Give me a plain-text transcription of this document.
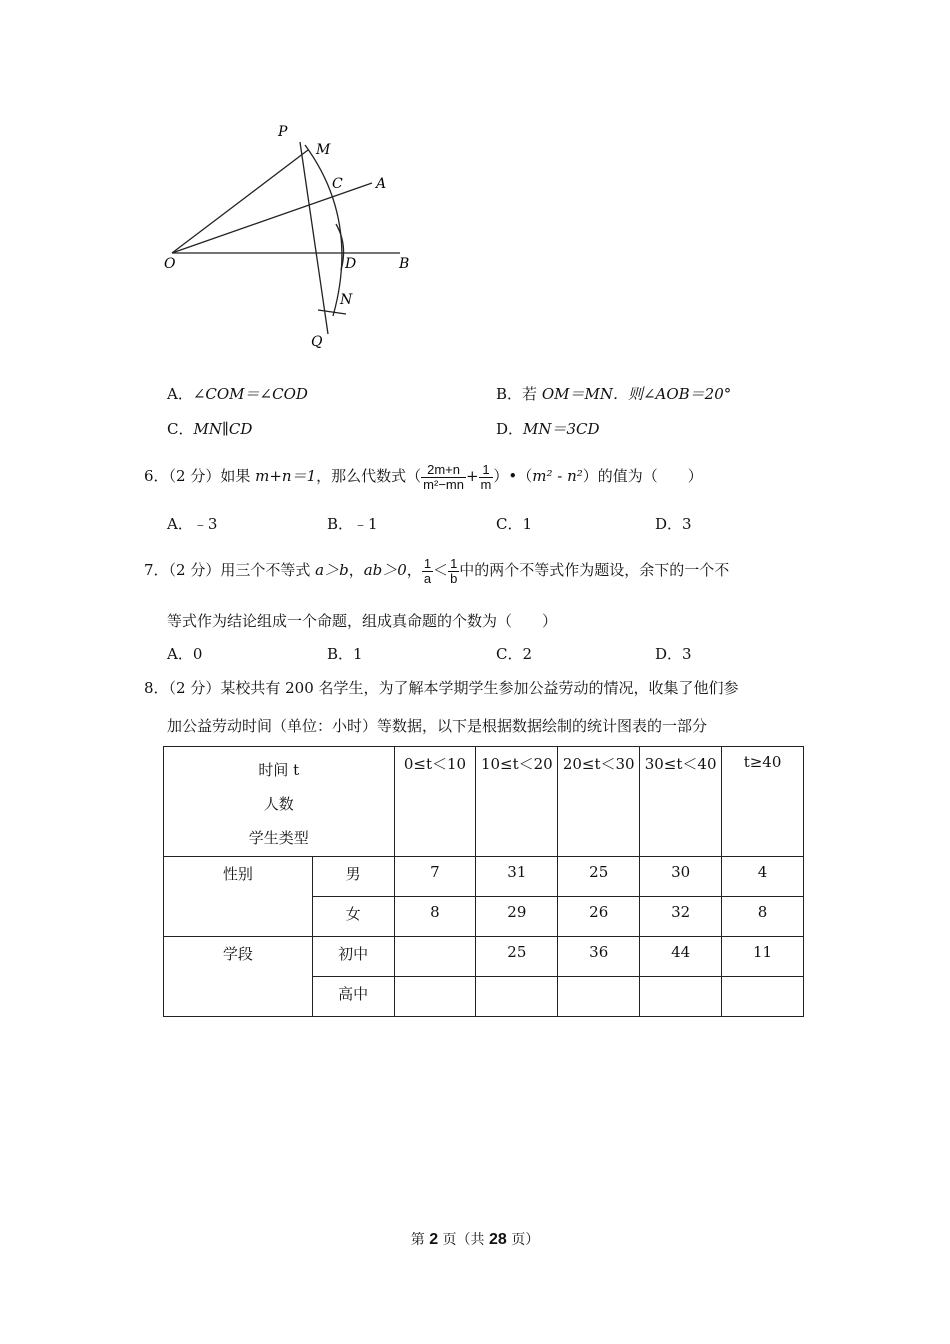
P
M
C A
O	D	B
N
Q
A．∠COM＝∠COD	B．若 OM＝MN．则∠AOB＝20°
C．MN∥CD	D．MN＝3CD
6．（2 分）如果 m+n＝1，那么代数式（ $\frac{2m+n}{\text{m²−mn}} + \frac{1}{m}$ ）•（m² - n²）的值为（　　）
A．﹣3	B．﹣1	C．1	D．3
7．（2 分）用三个不等式 a＞b，ab＞0， $\frac{1}{a} < \frac{1}{b}$ 中的两个不等式作为题设，余下的一个不
等式作为结论组成一个命题，组成真命题的个数为（　　）
A．0	B．1	C．2	D．3
8．（2 分）某校共有 200 名学生，为了解本学期学生参加公益劳动的情况，收集了他们参
加公益劳动时间（单位：小时）等数据，以下是根据数据绘制的统计图表的一部分
时间 t
人数
学生类型		0≤t＜10	10≤t＜20	20≤t＜30	30≤t＜40	t≥40
性别	男	7	31	25	30	4
	女	8	29	26	32	8
学段	初中		25	36	44	11
	高中					
第 2 页（共 28 页）
